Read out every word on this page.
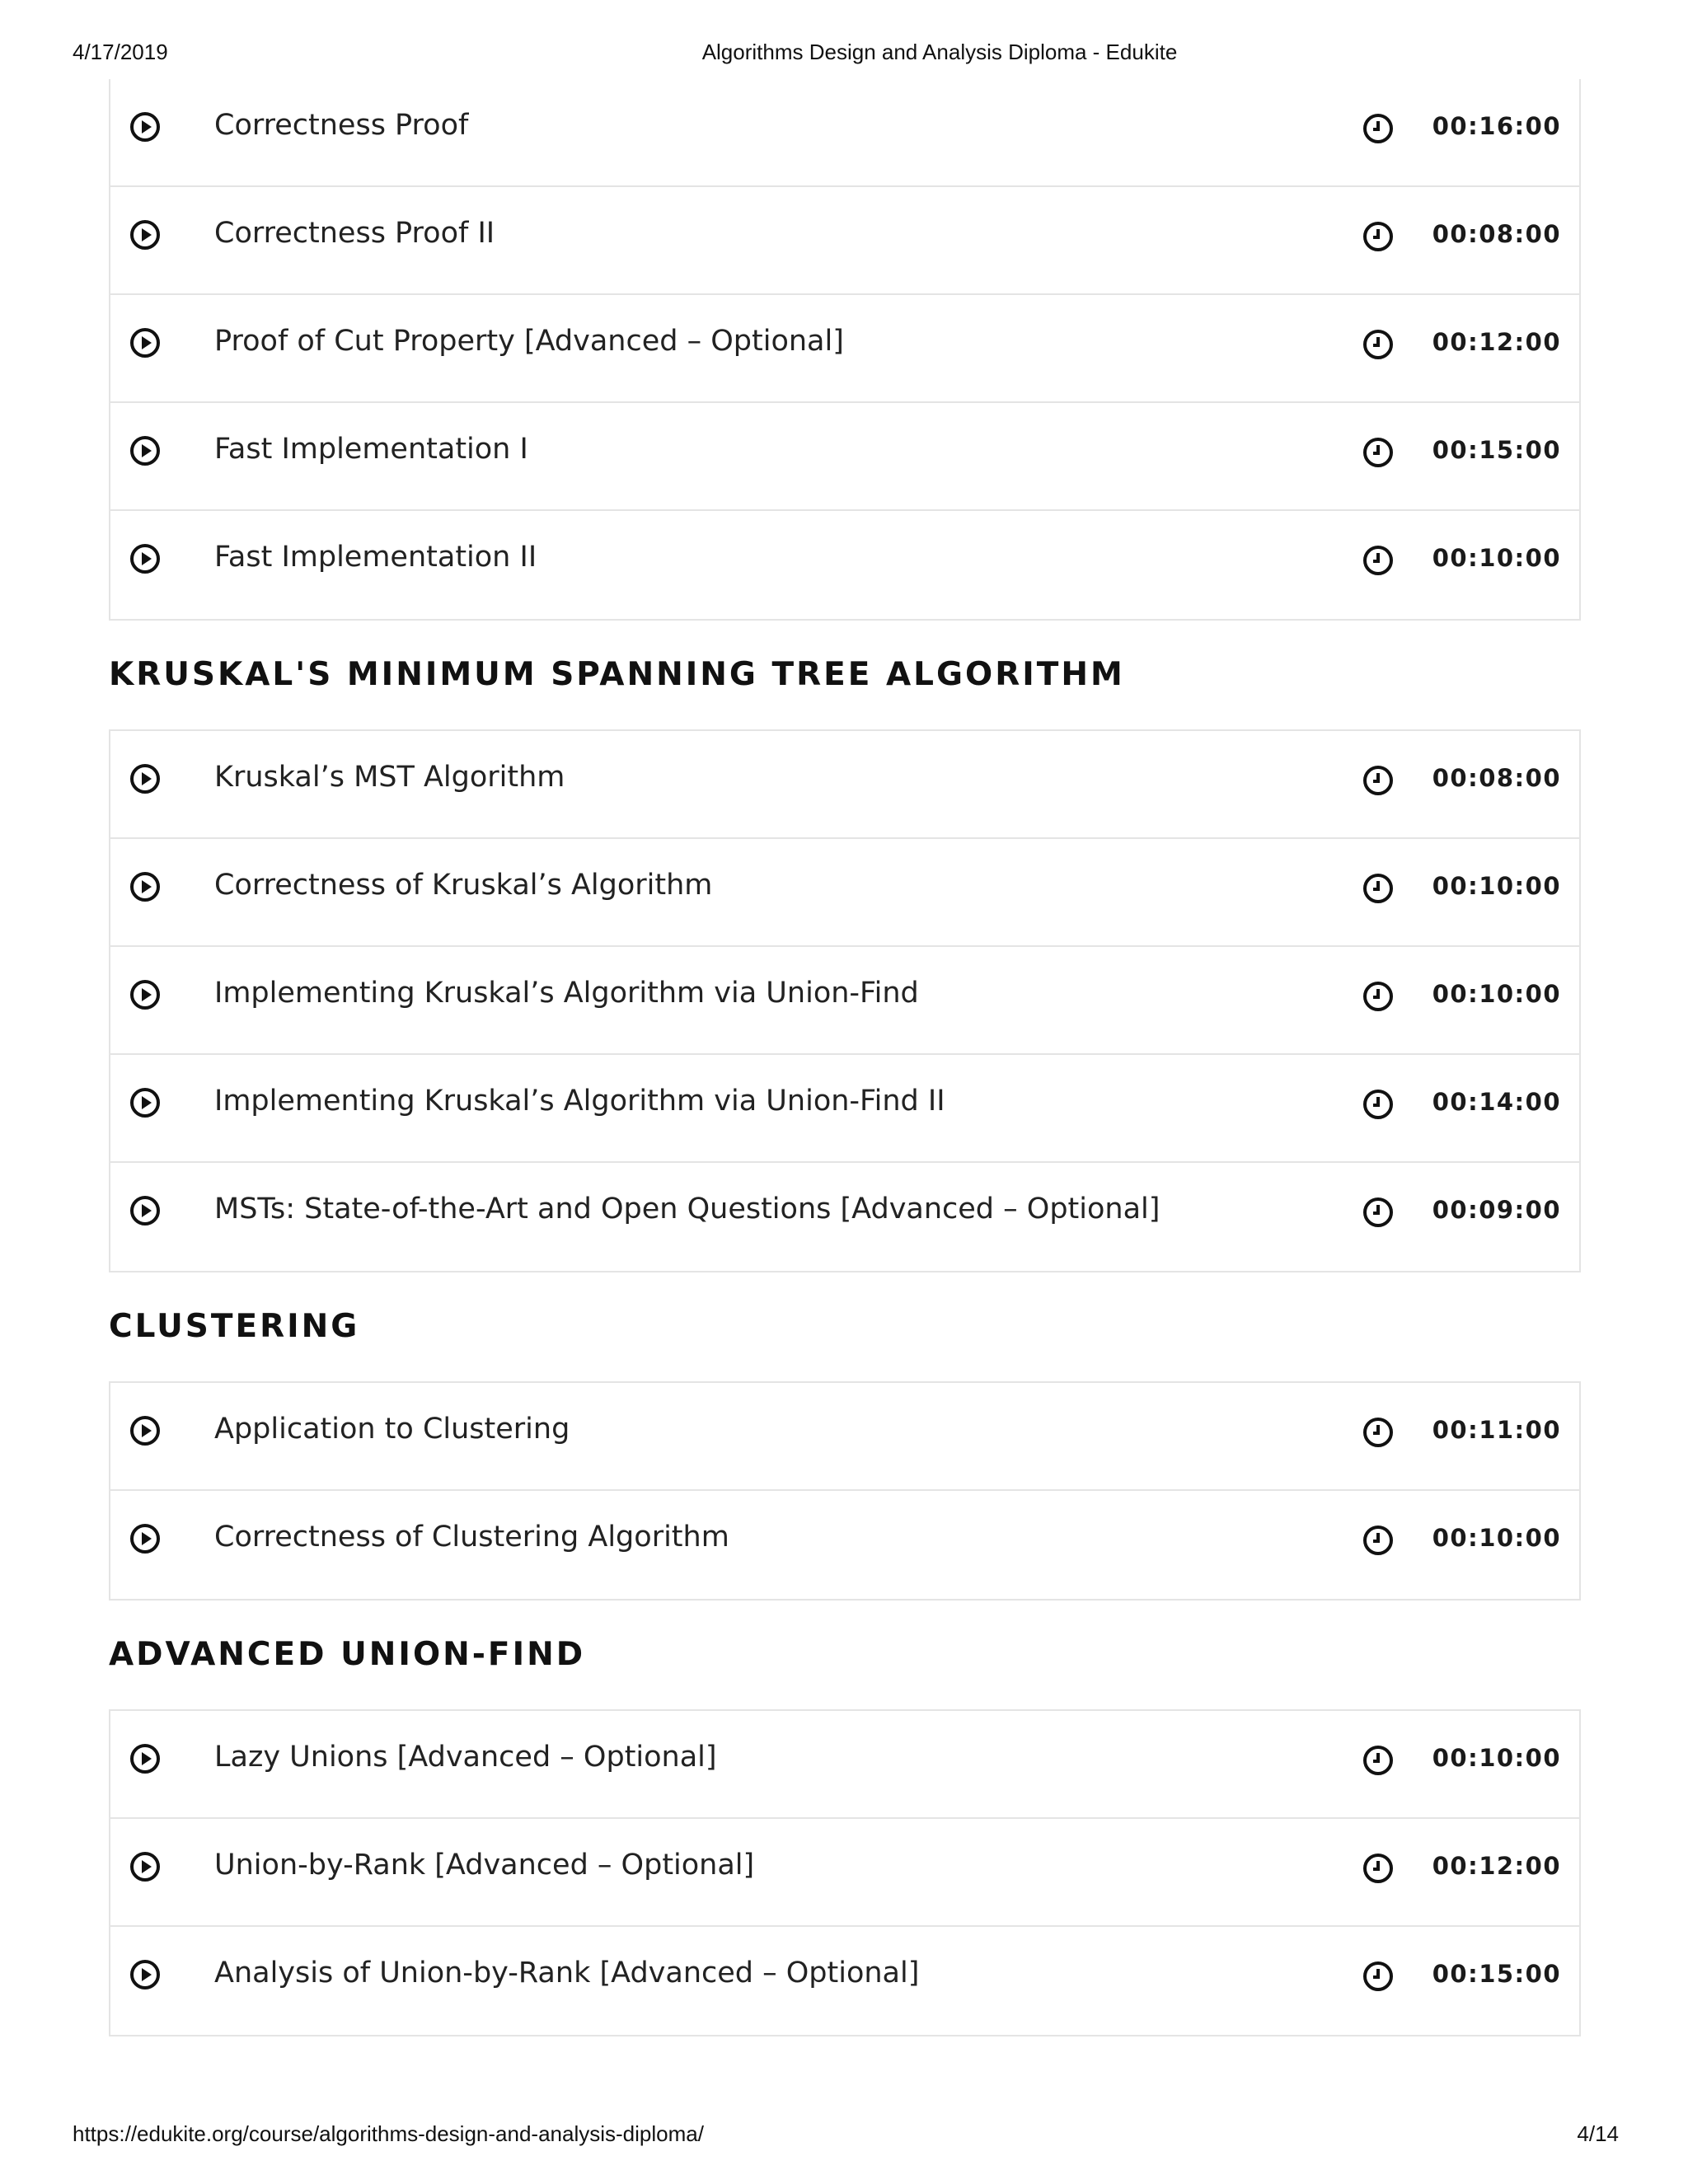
4/17/2019	Algorithms Design and Analysis Diploma - Edukite
Correctness Proof	00:16:00
Correctness Proof II	00:08:00
Proof of Cut Property [Advanced – Optional]	00:12:00
Fast Implementation I	00:15:00
Fast Implementation II	00:10:00
KRUSKAL'S MINIMUM SPANNING TREE ALGORITHM
Kruskal’s MST Algorithm	00:08:00
Correctness of Kruskal’s Algorithm	00:10:00
Implementing Kruskal’s Algorithm via Union-Find	00:10:00
Implementing Kruskal’s Algorithm via Union-Find II	00:14:00
MSTs: State-of-the-Art and Open Questions [Advanced – Optional]	00:09:00
CLUSTERING
Application to Clustering	00:11:00
Correctness of Clustering Algorithm	00:10:00
ADVANCED UNION-FIND
Lazy Unions [Advanced – Optional]	00:10:00
Union-by-Rank [Advanced – Optional]	00:12:00
Analysis of Union-by-Rank [Advanced – Optional]	00:15:00
https://edukite.org/course/algorithms-design-and-analysis-diploma/	4/14
